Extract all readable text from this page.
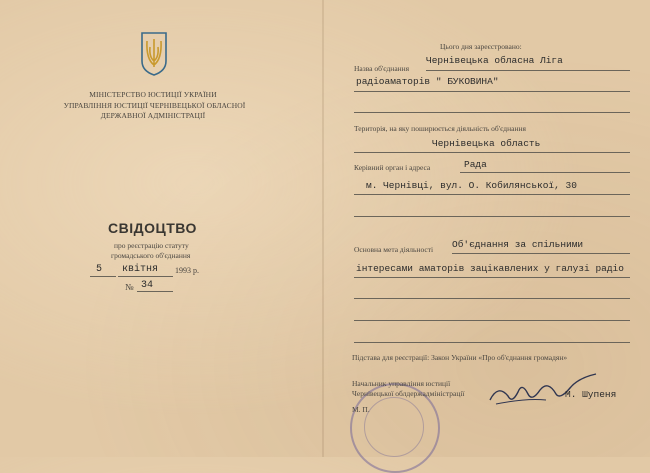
МІНІСТЕРСТВО ЮСТИЦІЇ УКРАЇНИ
УПРАВЛІННЯ ЮСТИЦІЇ ЧЕРНІВЕЦЬКОЇ ОБЛАСНОЇ
ДЕРЖАВНОЇ АДМІНІСТРАЦІЇ
СВІДОЦТВО
про реєстрацію статуту
громадського об'єднання
5 квітня 1993 р.
№ 34
Цього дня зареєстровано:
Назва об'єднання
Чернівецька обласна Ліга
радіоаматорів " БУКОВИНА"
Територія, на яку поширюється діяльність об'єднання
Чернівецька область
Керівний орган і адреса	Рада
м. Чернівці, вул. О. Кобилянської, 30
Основна мета діяльності Об'єднання за спільними
інтересами аматорів зацікавлених у галузі радіо
Підстава для реєстрації: Закон України «Про об'єднання громадян»
Начальник управління юстиції
Чернівецької облдержадміністрації	М. Шупеня
М. П.
